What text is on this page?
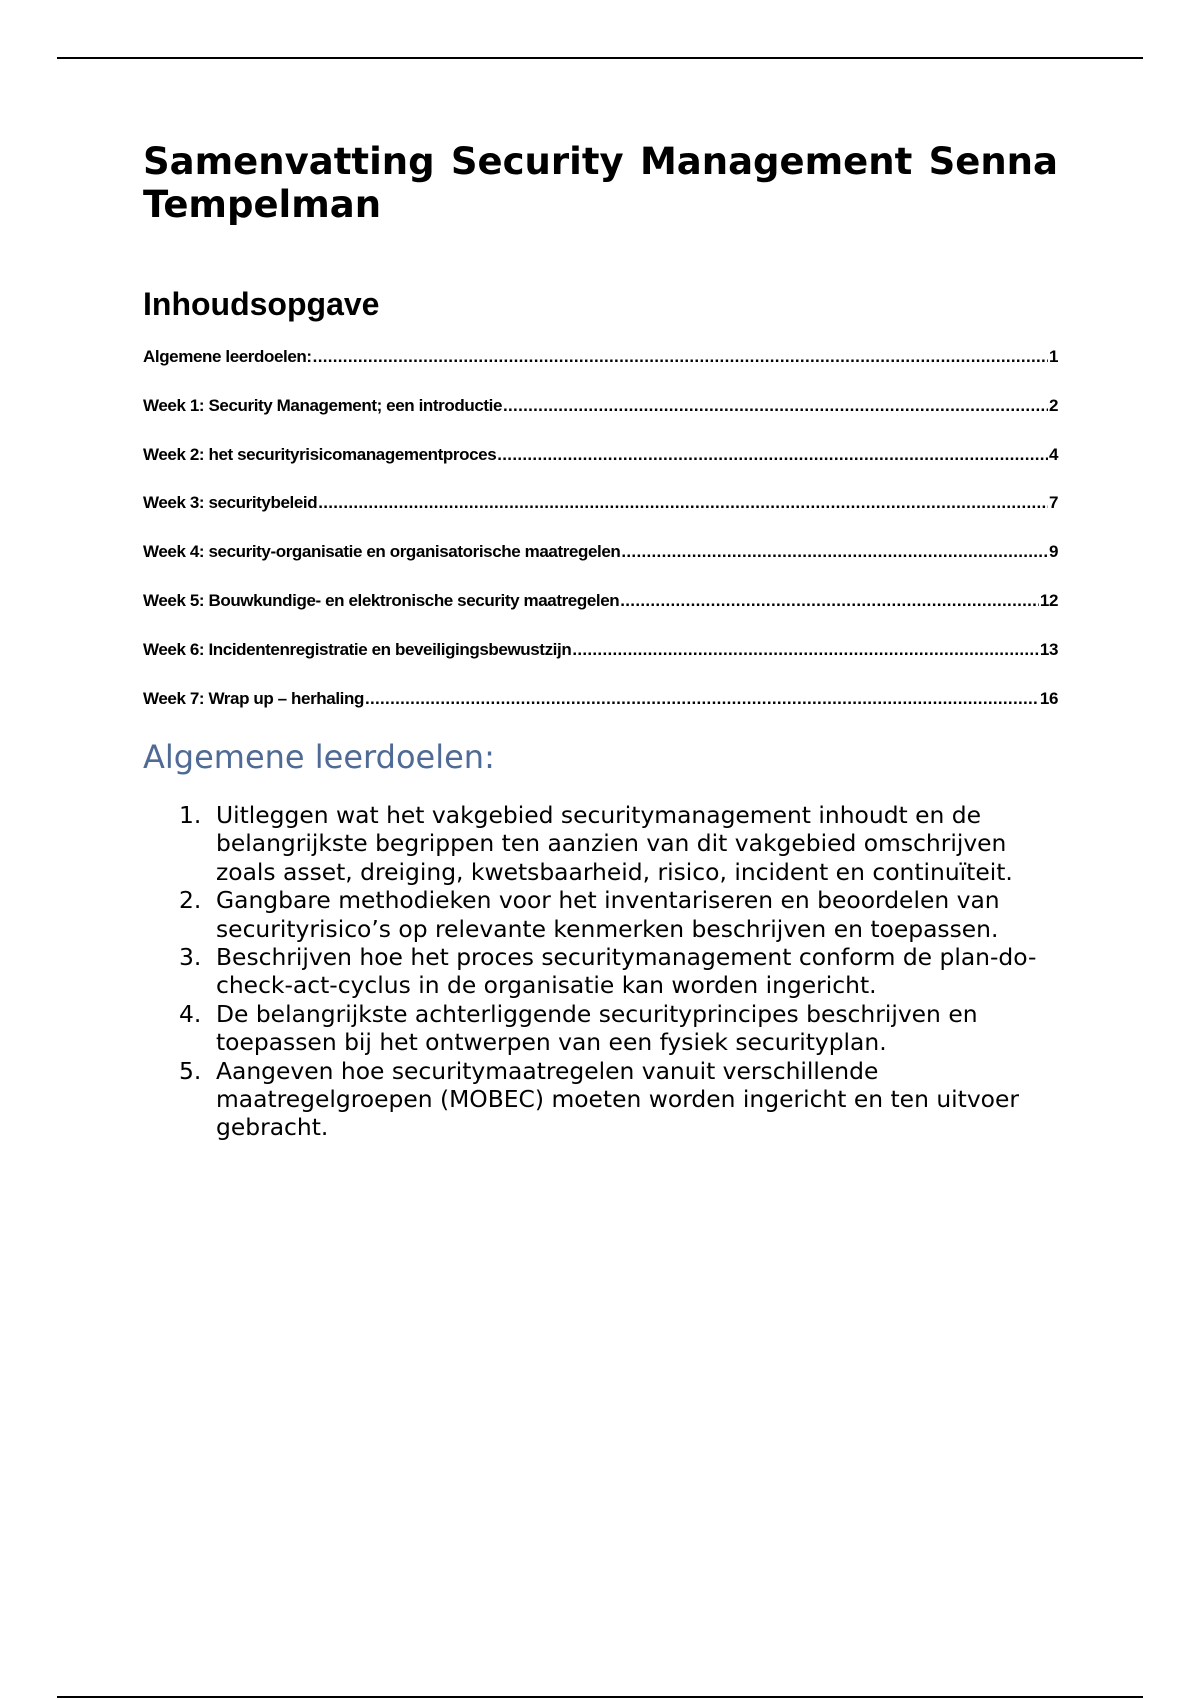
Samenvatting Security Management Senna Tempelman
Inhoudsopgave
Algemene leerdoelen: .....	1
Week 1: Security Management; een introductie .....	2
Week 2: het securityrisicomanagementproces .....	4
Week 3: securitybeleid .....	7
Week 4: security-organisatie en organisatorische maatregelen .....	9
Week 5: Bouwkundige- en elektronische security maatregelen .....	12
Week 6: Incidentenregistratie en beveiligingsbewustzijn .....	13
Week 7: Wrap up – herhaling .....	16
Algemene leerdoelen:
1. Uitleggen wat het vakgebied securitymanagement inhoudt en de belangrijkste begrippen ten aanzien van dit vakgebied omschrijven zoals asset, dreiging, kwetsbaarheid, risico, incident en continuïteit.
2. Gangbare methodieken voor het inventariseren en beoordelen van securityrisico’s op relevante kenmerken beschrijven en toepassen.
3. Beschrijven hoe het proces securitymanagement conform de plan-do-check-act-cyclus in de organisatie kan worden ingericht.
4. De belangrijkste achterliggende securityprincipes beschrijven en toepassen bij het ontwerpen van een fysiek securityplan.
5. Aangeven hoe securitymaatregelen vanuit verschillende maatregelgroepen (MOBEC) moeten worden ingericht en ten uitvoer gebracht.
